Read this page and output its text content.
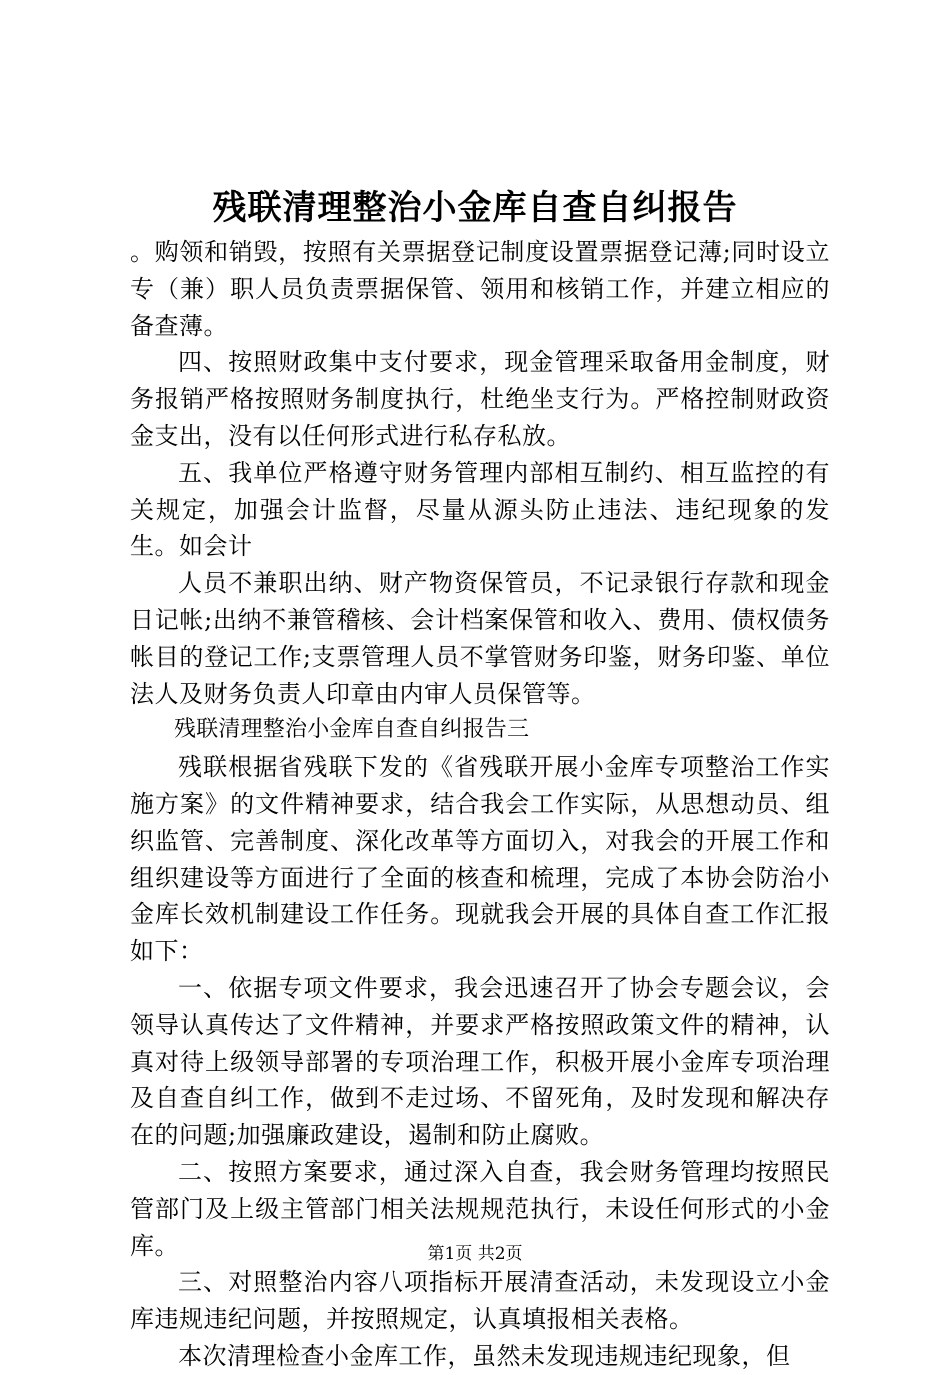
残联清理整治小金库自查自纠报告

。购领和销毁，按照有关票据登记制度设置票据登记薄;同时设立专（兼）职人员负责票据保管、领用和核销工作，并建立相应的备查薄。

四、按照财政集中支付要求，现金管理采取备用金制度，财务报销严格按照财务制度执行，杜绝坐支行为。严格控制财政资金支出，没有以任何形式进行私存私放。

五、我单位严格遵守财务管理内部相互制约、相互监控的有关规定，加强会计监督，尽量从源头防止违法、违纪现象的发生。如会计

人员不兼职出纳、财产物资保管员，不记录银行存款和现金日记帐;出纳不兼管稽核、会计档案保管和收入、费用、债权债务帐目的登记工作;支票管理人员不掌管财务印鉴，财务印鉴、单位法人及财务负责人印章由内审人员保管等。

残联清理整治小金库自查自纠报告三

残联根据省残联下发的《省残联开展小金库专项整治工作实施方案》的文件精神要求，结合我会工作实际，从思想动员、组织监管、完善制度、深化改革等方面切入，对我会的开展工作和组织建设等方面进行了全面的核查和梳理，完成了本协会防治小金库长效机制建设工作任务。现就我会开展的具体自查工作汇报如下：

一、依据专项文件要求，我会迅速召开了协会专题会议，会领导认真传达了文件精神，并要求严格按照政策文件的精神，认真对待上级领导部署的专项治理工作，积极开展小金库专项治理及自查自纠工作，做到不走过场、不留死角，及时发现和解决存在的问题;加强廉政建设，遏制和防止腐败。

二、按照方案要求，通过深入自查，我会财务管理均按照民管部门及上级主管部门相关法规规范执行，未设任何形式的小金库。

三、对照整治内容八项指标开展清查活动，未发现设立小金库违规违纪问题，并按照规定，认真填报相关表格。

本次清理检查小金库工作，虽然未发现违规违纪现象，但

第1页 共2页
